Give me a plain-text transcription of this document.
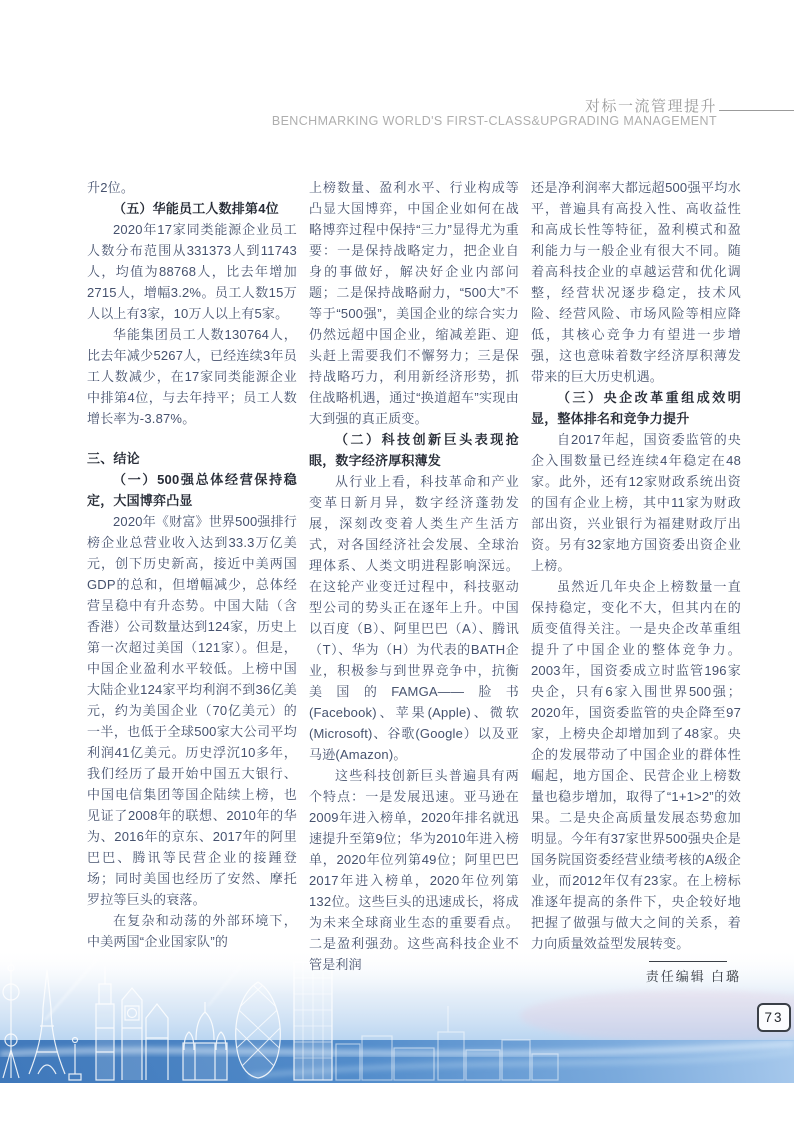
对标一流管理提升
BENCHMARKING WORLD'S FIRST-CLASS&UPGRADING MANAGEMENT
升2位。
（五）华能员工人数排第4位
2020年17家同类能源企业员工人数分布范围从331373人到11743人，均值为88768人，比去年增加2715人，增幅3.2%。员工人数15万人以上有3家，10万人以上有5家。
华能集团员工人数130764人，比去年减少5267人，已经连续3年员工人数减少，在17家同类能源企业中排第4位，与去年持平；员工人数增长率为-3.87%。
三、结论
（一）500强总体经营保持稳定，大国博弈凸显
2020年《财富》世界500强排行榜企业总营业收入达到33.3万亿美元，创下历史新高，接近中美两国GDP的总和，但增幅减少，总体经营呈稳中有升态势。中国大陆（含香港）公司数量达到124家，历史上第一次超过美国（121家）。但是，中国企业盈利水平较低。上榜中国大陆企业124家平均利润不到36亿美元，约为美国企业（70亿美元）的一半，也低于全球500家大公司平均利润41亿美元。历史浮沉10多年，我们经历了最开始中国五大银行、中国电信集团等国企陆续上榜，也见证了2008年的联想、2010年的华为、2016年的京东、2017年的阿里巴巴、腾讯等民营企业的接踵登场；同时美国也经历了安然、摩托罗拉等巨头的衰落。
在复杂和动荡的外部环境下，中美两国“企业国家队”的
上榜数量、盈利水平、行业构成等凸显大国博弈，中国企业如何在战略博弈过程中保持“三力”显得尤为重要：一是保持战略定力，把企业自身的事做好，解决好企业内部问题；二是保持战略耐力，“500大”不等于“500强”，美国企业的综合实力仍然远超中国企业，缩减差距、迎头赶上需要我们不懈努力；三是保持战略巧力，利用新经济形势，抓住战略机遇，通过“换道超车”实现由大到强的真正质变。
（二）科技创新巨头表现抢眼，数字经济厚积薄发
从行业上看，科技革命和产业变革日新月异，数字经济蓬勃发展，深刻改变着人类生产生活方式，对各国经济社会发展、全球治理体系、人类文明进程影响深远。在这轮产业变迁过程中，科技驱动型公司的势头正在逐年上升。中国以百度（B）、阿里巴巴（A）、腾讯（T）、华为（H）为代表的BATH企业，积极参与到世界竞争中，抗衡美国的FAMGA——脸书(Facebook)、苹果(Apple)、微软(Microsoft)、谷歌(Google）以及亚马逊(Amazon)。
这些科技创新巨头普遍具有两个特点：一是发展迅速。亚马逊在2009年进入榜单，2020年排名就迅速提升至第9位；华为2010年进入榜单，2020年位列第49位；阿里巴巴2017年进入榜单，2020年位列第132位。这些巨头的迅速成长，将成为未来全球商业生态的重要看点。二是盈利强劲。这些高科技企业不管是利润
还是净利润率大都远超500强平均水平，普遍具有高投入性、高收益性和高成长性等特征，盈利模式和盈利能力与一般企业有很大不同。随着高科技企业的卓越运营和优化调整，经营状况逐步稳定，技术风险、经营风险、市场风险等相应降低，其核心竞争力有望进一步增强，这也意味着数字经济厚积薄发带来的巨大历史机遇。
（三）央企改革重组成效明显，整体排名和竞争力提升
自2017年起，国资委监管的央企入围数量已经连续4年稳定在48家。此外，还有12家财政系统出资的国有企业上榜，其中11家为财政部出资，兴业银行为福建财政厅出资。另有32家地方国资委出资企业上榜。
虽然近几年央企上榜数量一直保持稳定，变化不大，但其内在的质变值得关注。一是央企改革重组提升了中国企业的整体竞争力。2003年，国资委成立时监管196家央企，只有6家入围世界500强；2020年，国资委监管的央企降至97家，上榜央企却增加到了48家。央企的发展带动了中国企业的群体性崛起，地方国企、民营企业上榜数量也稳步增加，取得了“1+1>2”的效果。二是央企高质量发展态势愈加明显。今年有37家世界500强央企是国务院国资委经营业绩考核的A级企业，而2012年仅有23家。在上榜标准逐年提高的条件下，央企较好地把握了做强与做大之间的关系，着力向质量效益型发展转变。
责任编辑 白璐
73
